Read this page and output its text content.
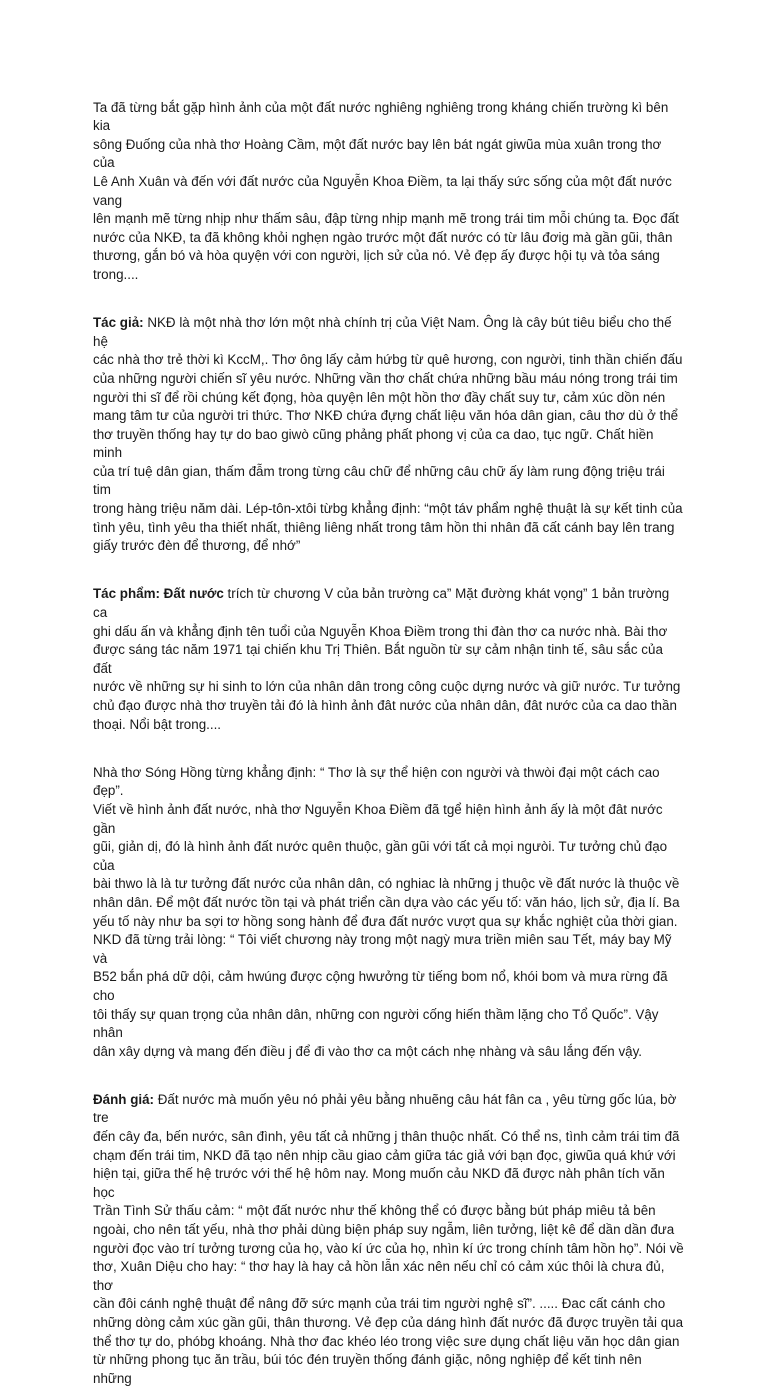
Ta đã từng bắt gặp hình ảnh của một đất nước nghiêng nghiêng trong kháng chiến trường kì bên kia
sông Đuống của nhà thơ Hoàng Cầm, một đất nước bay lên bát ngát giwũa mùa xuân trong thơ của
Lê Anh Xuân và đến với đất nước của Nguyễn Khoa Điềm, ta lại thấy sức sống của một đất nước vang
lên mạnh mẽ từng nhịp như thấm sâu, đập từng nhịp mạnh mẽ trong trái tim mỗi chúng ta. Đọc đất
nước của NKĐ, ta đã không khỏi nghẹn ngào trước một đất nước có từ lâu đơig mà gần gũi, thân
thương, gắn bó và hòa quyện với con người, lịch sử của nó. Vẻ đẹp ấy được hội tụ và tỏa sáng
trong....

Tác giả: NKĐ là một nhà thơ lớn một nhà chính trị của Việt Nam. Ông là cây bút tiêu biểu cho thế hệ
các nhà thơ trẻ thời kì KccM,. Thơ ông lấy cảm hứbg từ quê hương, con người, tinh thần chiến đấu
của những người chiến sĩ yêu nước. Những vần thơ chất chứa những bầu máu nóng trong trái tim
người thi sĩ để rồi chúng kết đọng, hòa quyện lên một hồn thơ đầy chất suy tư, cảm xúc dồn nén
mang tâm tư của người tri thức. Thơ NKĐ chứa đựng chất liệu văn hóa dân gian, câu thơ dù ở thể
thơ truyền thống hay tự do bao giwò cũng phảng phất phong vị của ca dao, tục ngữ. Chất hiền minh
của trí tuệ dân gian, thấm đẫm trong từng câu chữ để những câu chữ ấy làm rung động triệu trái tim
trong hàng triệu năm dài. Lép-tôn-xtôi từbg khẳng định: “một táv phẩm nghệ thuật là sự kết tinh của
tình yêu, tình yêu tha thiết nhất, thiêng liêng nhất trong tâm hồn thi nhân đã cất cánh bay lên trang
giấy trước đèn để thương, để nhớ”

Tác phẩm: Đất nước trích từ chương V của bản trường ca” Mặt đường khát vọng” 1 bản trường ca
ghi dấu ấn và khẳng định tên tuổi của Nguyễn Khoa Điềm trong thi đàn thơ ca nước nhà. Bài thơ
được sáng tác năm 1971 tại chiến khu Trị Thiên. Bắt nguồn từ sự cảm nhận tinh tế, sâu sắc của đất
nước về những sự hi sinh to lớn của nhân dân trong công cuộc dựng nước và giữ nước. Tư tưởng
chủ đạo được nhà thơ truyền tải đó là hình ảnh đât nước của nhân dân, đât nước của ca dao thần
thoại. Nổi bật trong....

Nhà thơ Sóng Hồng từng khẳng định: “ Thơ là sự thể hiện con người và thwòi đại một cách cao đẹp”.
Viết về hình ảnh đất nước, nhà thơ Nguyễn Khoa Điềm đã tgể hiện hình ảnh ấy là một đât nước gần
gũi, giản dị, đó là hình ảnh đất nước quên thuộc, gần gũi với tất cả mọi ngưòi. Tư tưởng chủ đạo của
bài thwo là là tư tưởng đất nước của nhân dân, có nghiac là những j thuộc về đất nước là thuộc về
nhân dân. Để một đất nước tồn tại và phát triển cần dựa vào các yếu tố: văn háo, lịch sử, địa lí. Ba
yếu tố này như ba sợi tơ hồng song hành để đưa đất nước vượt qua sự khắc nghiệt của thời gian.
NKD đã từng trải lòng: “ Tôi viết chương này trong một nagỳ mưa triền miên sau Tết, máy bay Mỹ và
B52 bắn phá dữ dội, cảm hwúng được cộng hwưởng từ tiếng bom nổ, khói bom và mưa rừng đã cho
tôi thấy sự quan trọng của nhân dân, những con người cống hiến thầm lặng cho Tổ Quốc”. Vậy nhân
dân xây dựng và mang đến điều j để đi vào thơ ca một cách nhẹ nhàng và sâu lắng đến vậy.

Đánh giá: Đất nước mà muốn yêu nó phải yêu bằng nhuẽng câu hát fân ca , yêu từng gốc lúa, bờ tre
đến cây đa, bến nước, sân đình, yêu tất cả những j thân thuộc nhất. Có thể ns, tình cảm trái tim đã
chạm đến trái tim, NKD đã tạo nên nhịp cầu giao cảm giữa tác giả với bạn đọc, giwũa quá khứ với
hiện tại, giữa thế hệ trước với thế hệ hôm nay. Mong muốn cảu NKD đã được nàh phân tích văn học
Trần Tình Sử thấu cảm: “ một đất nước như thế không thể có được bằng bút pháp miêu tả bên
ngoài, cho nên tất yếu, nhà thơ phải dùng biện pháp suy ngẫm, liên tưởng, liệt kê để dần dần đưa
người đọc vào trí tưởng tương của họ, vào kí ức của họ, nhìn kí ức trong chính tâm hồn họ”. Nói về
thơ, Xuân Diệu cho hay: “ thơ hay là hay cả hồn lẫn xác nên nếu chỉ có cảm xúc thôi là chưa đủ, thơ
cần đôi cánh nghệ thuật để nâng đỡ sức mạnh của trái tim người nghệ sĩ”. ..... Đac cất cánh cho
những dòng cảm xúc gần gũi, thân thương. Vẻ đẹp của dáng hình đất nước đã được truyền tải qua
thể thơ tự do, phóbg khoáng. Nhà thơ đac khéo léo trong việc sưe dụng chất liệu văn học dân gian
từ những phong tục ăn trầu, búi tóc đén truyền thống đánh giặc, nông nghiệp để kết tinh nên những
